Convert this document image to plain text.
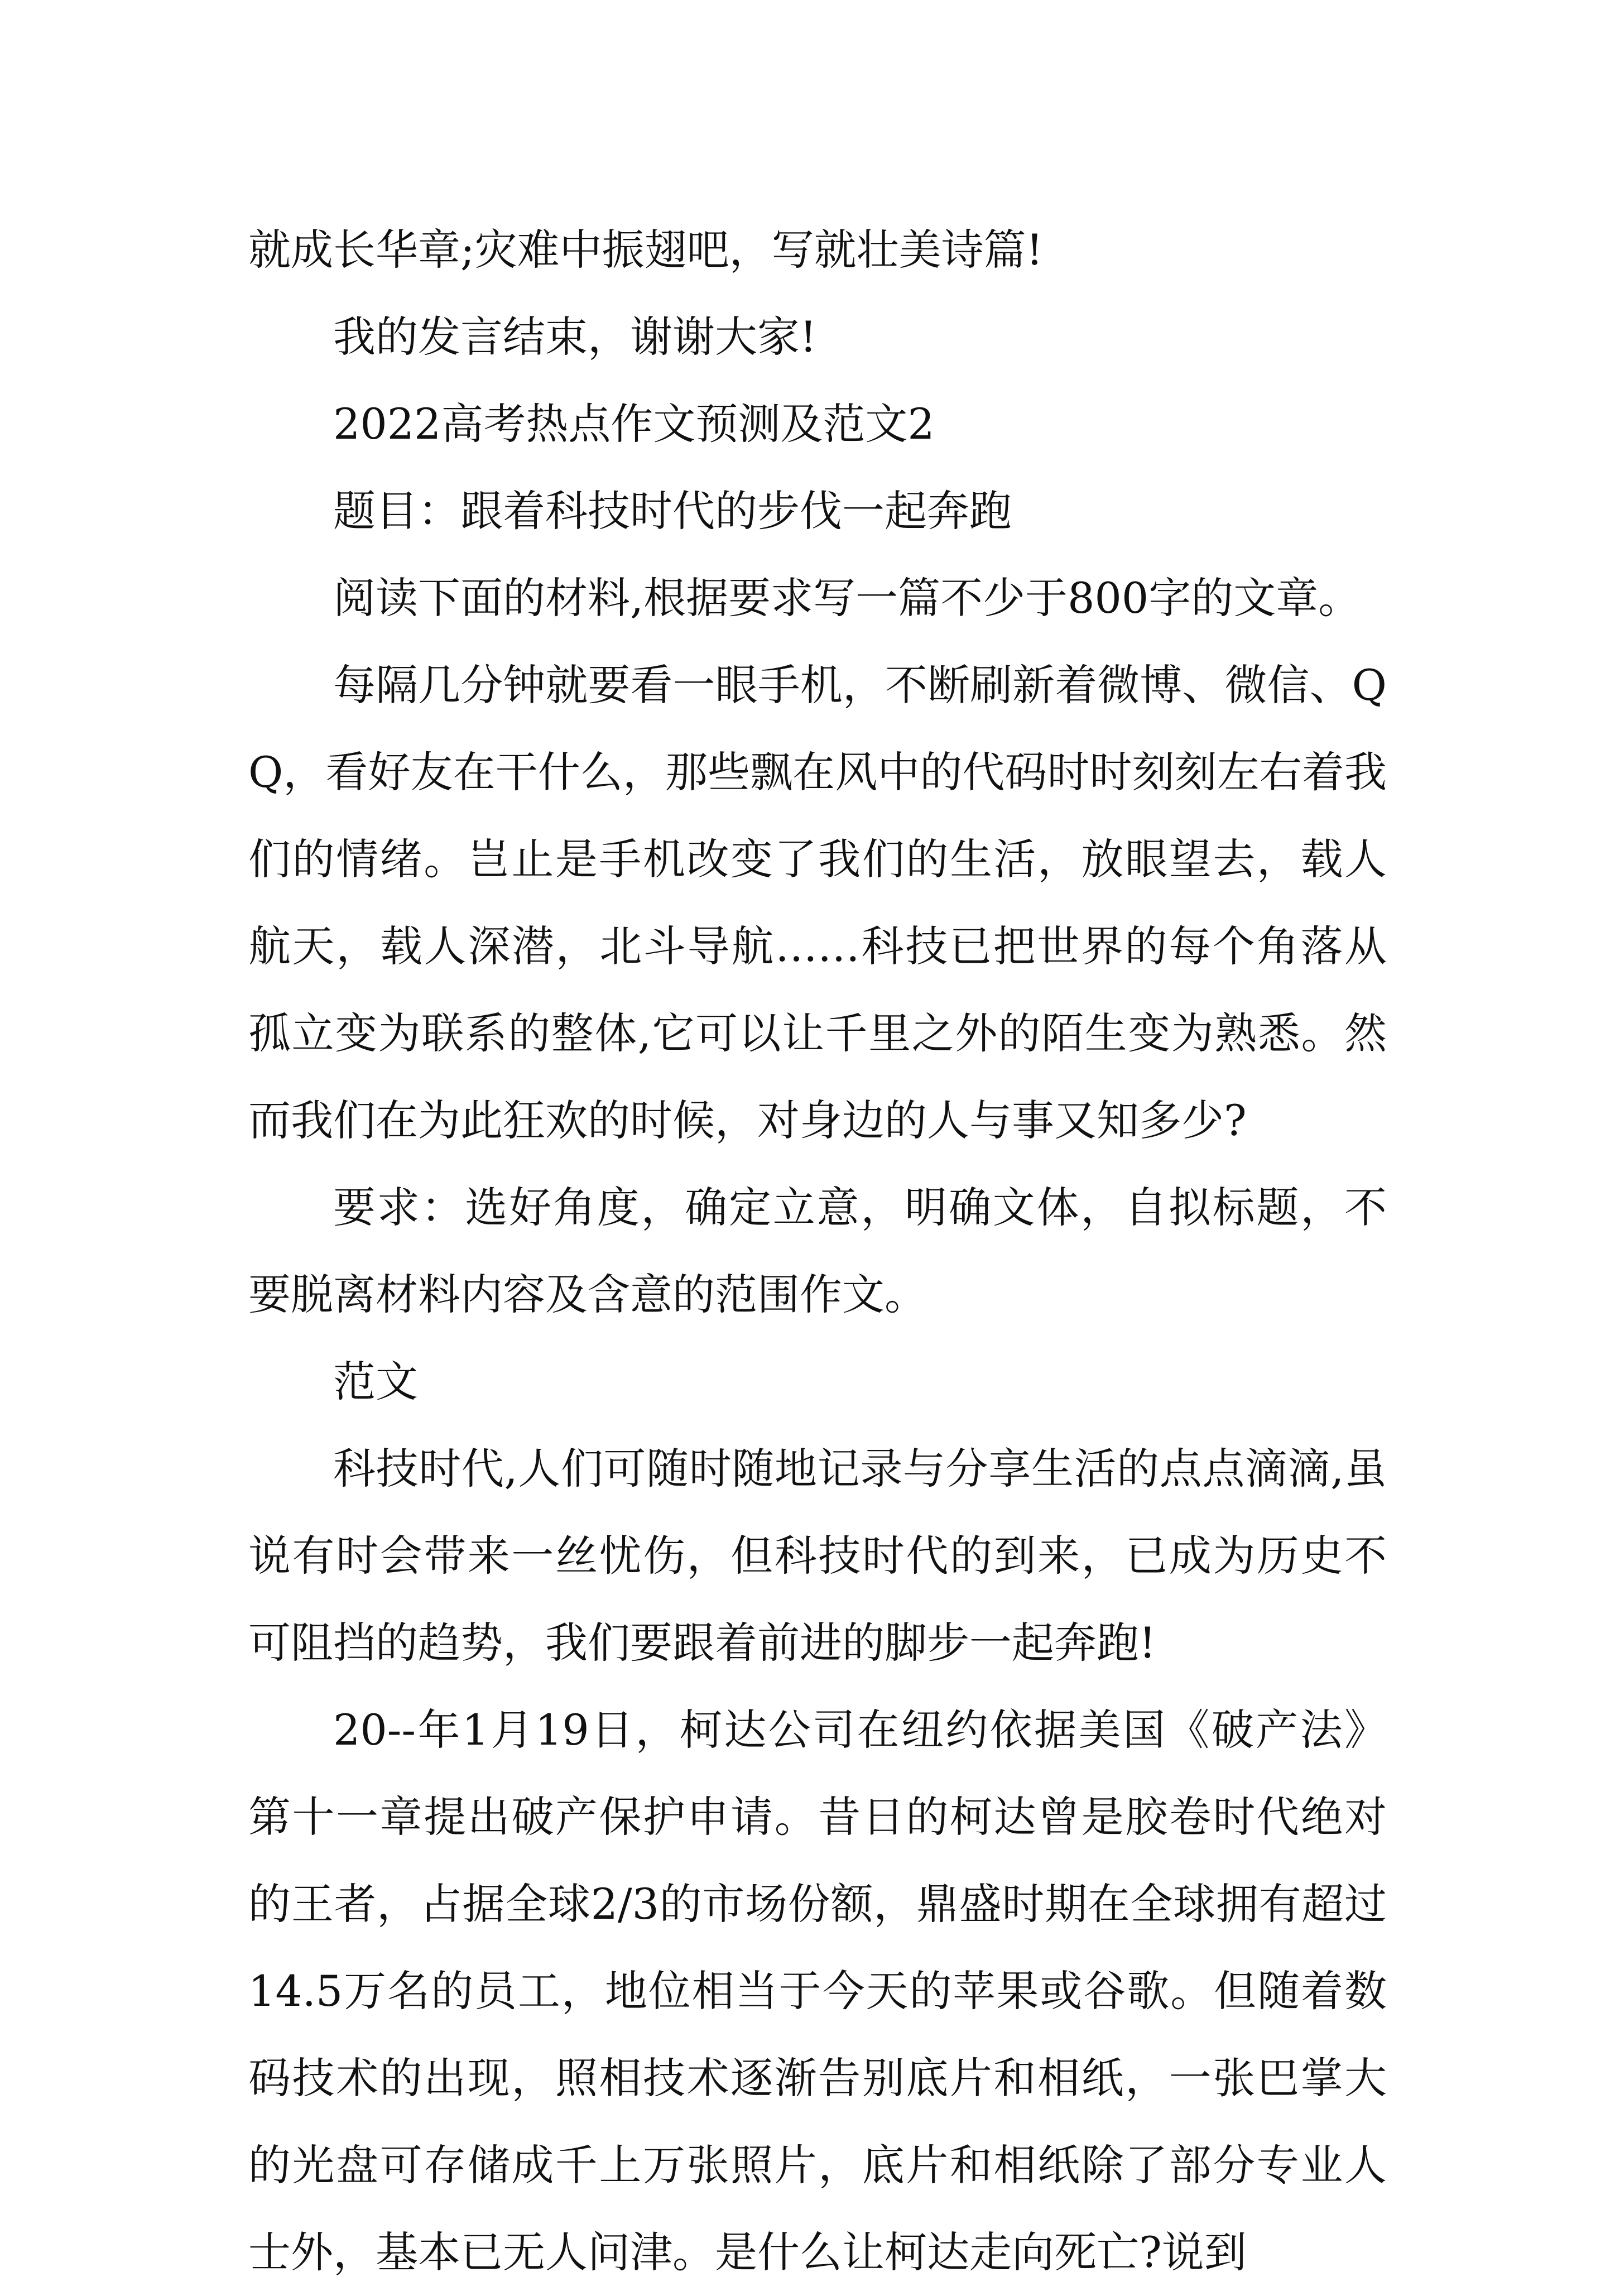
就成长华章;灾难中振翅吧，写就壮美诗篇!

我的发言结束，谢谢大家!

2022高考热点作文预测及范文2

题目：跟着科技时代的步伐一起奔跑

阅读下面的材料,根据要求写一篇不少于800字的文章。

每隔几分钟就要看一眼手机，不断刷新着微博、微信、QQ，看好友在干什么，那些飘在风中的代码时时刻刻左右着我们的情绪。岂止是手机改变了我们的生活，放眼望去，载人航天，载人深潜，北斗导航……科技已把世界的每个角落从孤立变为联系的整体,它可以让千里之外的陌生变为熟悉。然而我们在为此狂欢的时候，对身边的人与事又知多少?

要求：选好角度，确定立意，明确文体，自拟标题，不要脱离材料内容及含意的范围作文。

范文

科技时代,人们可随时随地记录与分享生活的点点滴滴,虽说有时会带来一丝忧伤，但科技时代的到来，已成为历史不可阻挡的趋势，我们要跟着前进的脚步一起奔跑!

20--年1月19日，柯达公司在纽约依据美国《破产法》第十一章提出破产保护申请。昔日的柯达曾是胶卷时代绝对的王者，占据全球2/3的市场份额，鼎盛时期在全球拥有超过14.5万名的员工，地位相当于今天的苹果或谷歌。但随着数码技术的出现，照相技术逐渐告别底片和相纸，一张巴掌大的光盘可存储成千上万张照片，底片和相纸除了部分专业人士外，基本已无人问津。是什么让柯达走向死亡?说到
